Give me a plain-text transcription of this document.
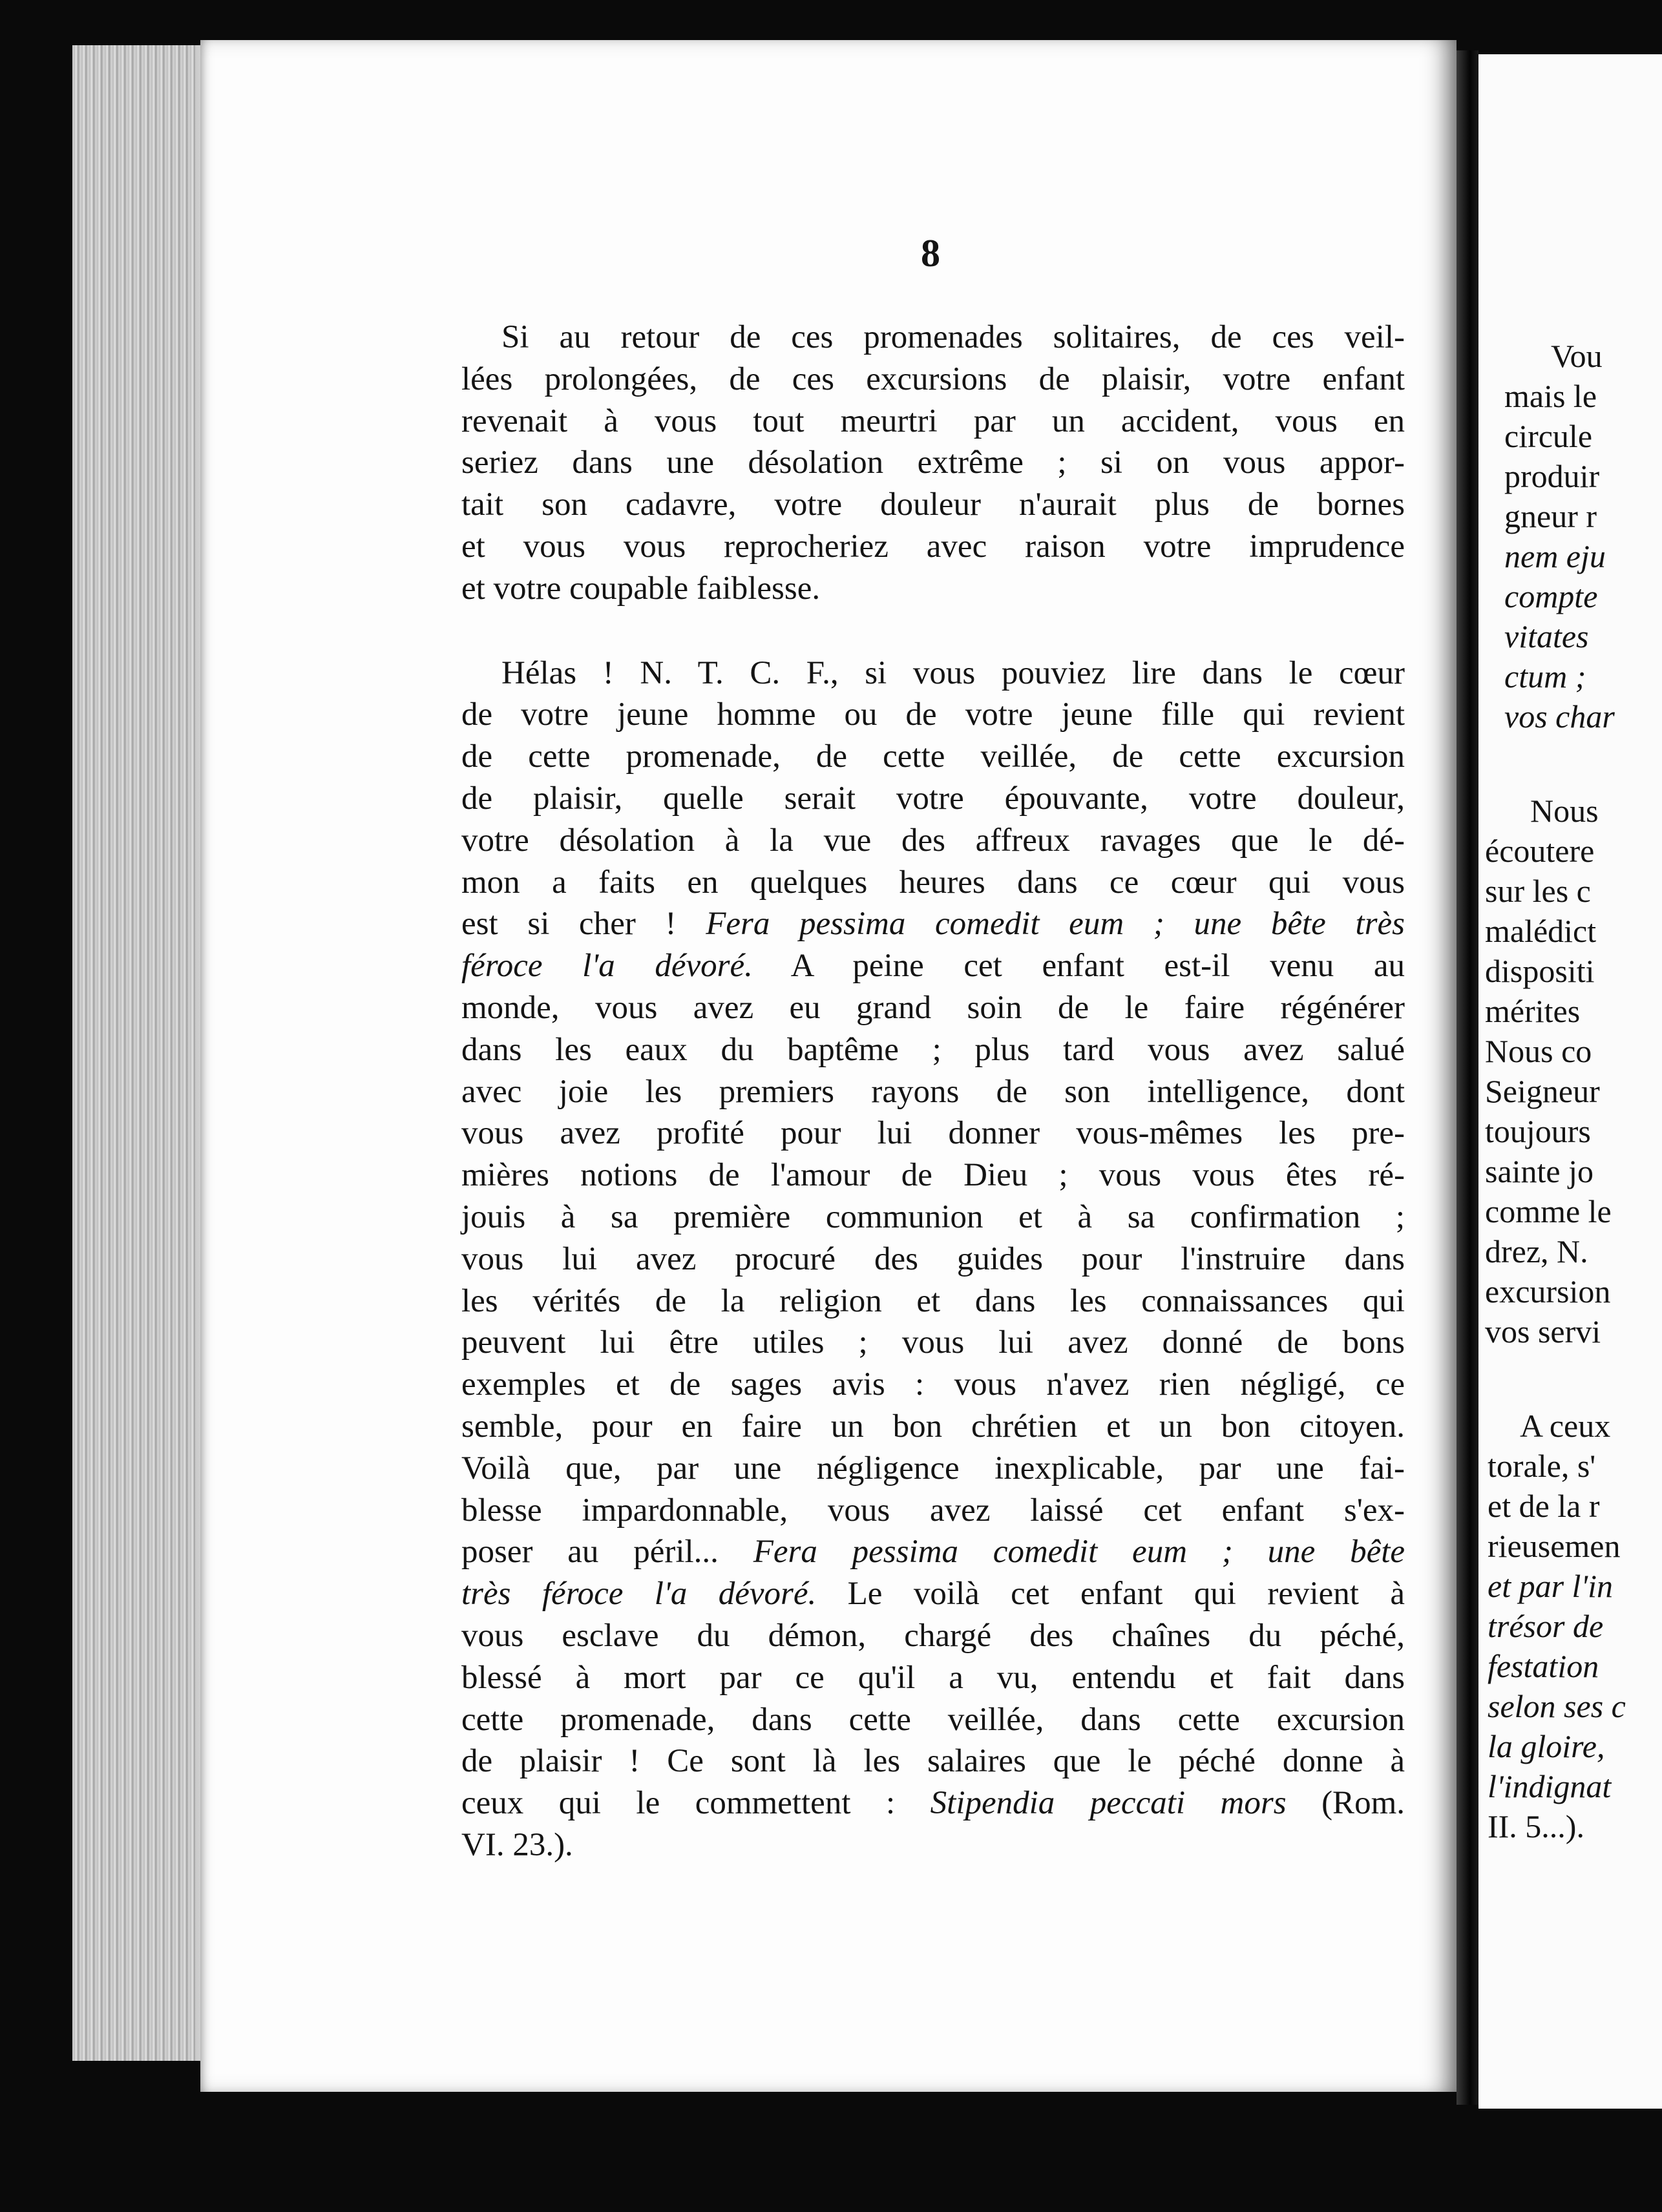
8

Si au retour de ces promenades solitaires, de ces veil-
lées prolongées, de ces excursions de plaisir, votre enfant
revenait à vous tout meurtri par un accident, vous en
seriez dans une désolation extrême ; si on vous appor-
tait son cadavre, votre douleur n'aurait plus de bornes
et vous vous reprocheriez avec raison votre imprudence
et votre coupable faiblesse.

Hélas ! N. T. C. F., si vous pouviez lire dans le cœur
de votre jeune homme ou de votre jeune fille qui revient
de cette promenade, de cette veillée, de cette excursion
de plaisir, quelle serait votre épouvante, votre douleur,
votre désolation à la vue des affreux ravages que le dé-
mon a faits en quelques heures dans ce cœur qui vous
est si cher ! Fera pessima comedit eum ; une bête très
féroce l'a dévoré. A peine cet enfant est-il venu au
monde, vous avez eu grand soin de le faire régénérer
dans les eaux du baptême ; plus tard vous avez salué
avec joie les premiers rayons de son intelligence, dont
vous avez profité pour lui donner vous-mêmes les pre-
mières notions de l'amour de Dieu ; vous vous êtes ré-
jouis à sa première communion et à sa confirmation ;
vous lui avez procuré des guides pour l'instruire dans
les vérités de la religion et dans les connaissances qui
peuvent lui être utiles ; vous lui avez donné de bons
exemples et de sages avis : vous n'avez rien négligé, ce
semble, pour en faire un bon chrétien et un bon citoyen.
Voilà que, par une négligence inexplicable, par une fai-
blesse impardonnable, vous avez laissé cet enfant s'ex-
poser au péril... Fera pessima comedit eum ; une bête
très féroce l'a dévoré. Le voilà cet enfant qui revient à
vous esclave du démon, chargé des chaînes du péché,
blessé à mort par ce qu'il a vu, entendu et fait dans
cette promenade, dans cette veillée, dans cette excursion
de plaisir ! Ce sont là les salaires que le péché donne à
ceux qui le commettent : Stipendia peccati mors (Rom.
VI. 23.).

Vou
mais le
circule
produir
gneur r
nem eju
compte
vitates
ctum ;
vos char
Nous
écoutere
sur les c
malédict
dispositi
mérites
Nous co
Seigneur
toujours
sainte jo
comme le
drez, N.
excursion
vos servi
A ceux
torale, s'
et de la r
rieusemen
et par l'in
trésor de
festation
selon ses c
la gloire,
l'indignat
II. 5...).
